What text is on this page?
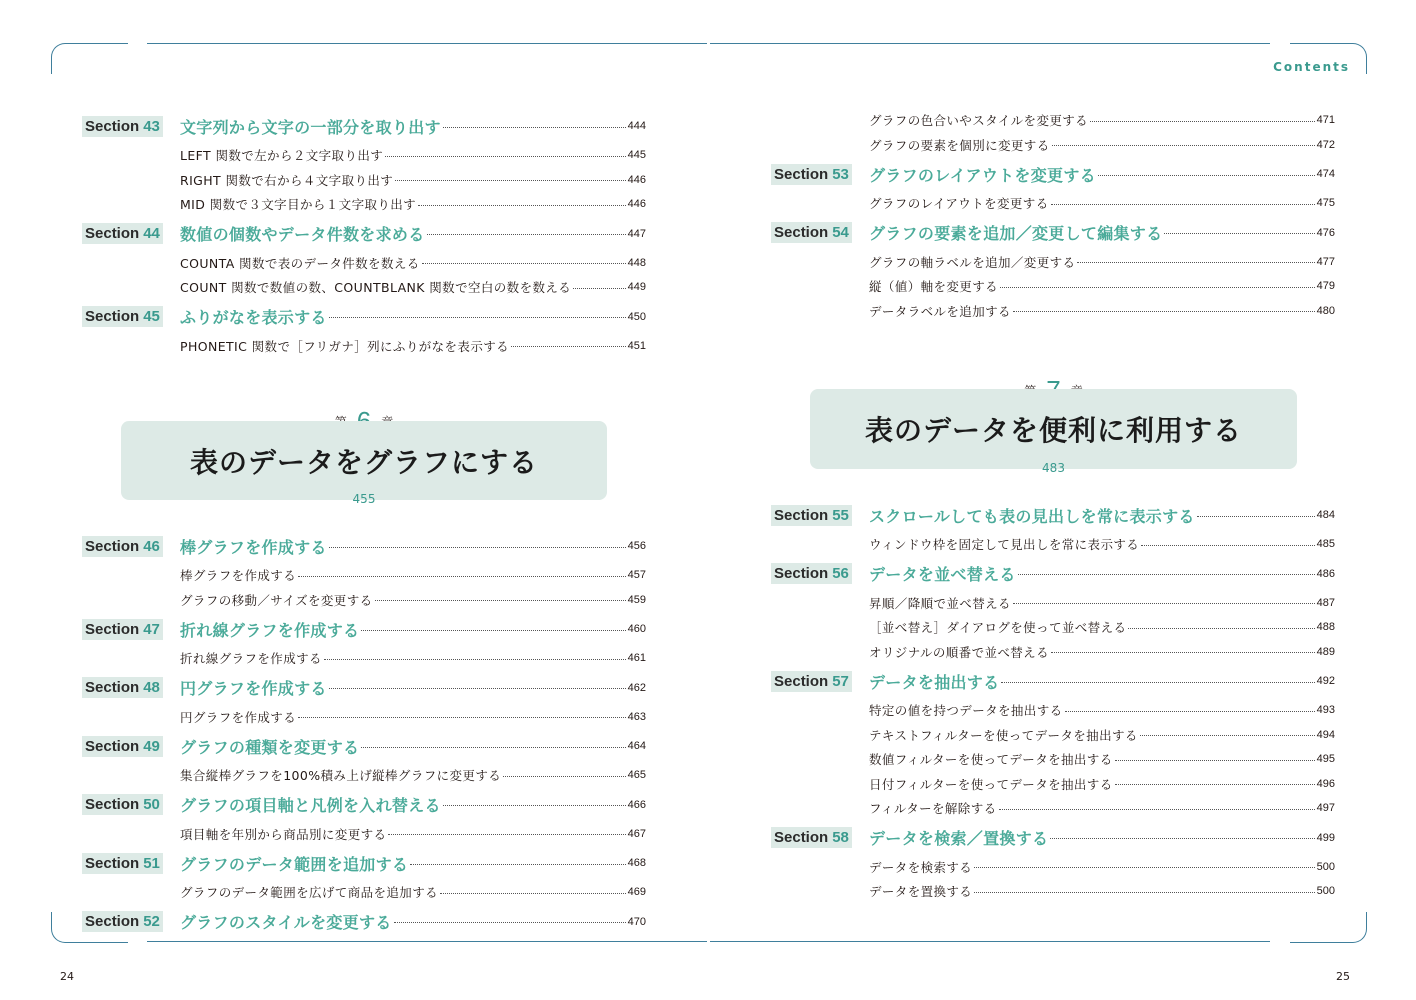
Contents
Section 43 文字列から文字の一部分を取り出す	444
LEFT 関数で左から２文字取り出す	445
RIGHT 関数で右から４文字取り出す	446
MID 関数で３文字目から１文字取り出す	446
Section 44 数値の個数やデータ件数を求める	447
COUNTA 関数で表のデータ件数を数える	448
COUNT 関数で数値の数、COUNTBLANK 関数で空白の数を数える	449
Section 45 ふりがなを表示する	450
PHONETIC 関数で［フリガナ］列にふりがなを表示する	451
表のデータをグラフにする
455
Section 46 棒グラフを作成する	456
棒グラフを作成する	457
グラフの移動／サイズを変更する	459
Section 47 折れ線グラフを作成する	460
折れ線グラフを作成する	461
Section 48 円グラフを作成する	462
円グラフを作成する	463
Section 49 グラフの種類を変更する	464
集合縦棒グラフを100%積み上げ縦棒グラフに変更する	465
Section 50 グラフの項目軸と凡例を入れ替える	466
項目軸を年別から商品別に変更する	467
Section 51 グラフのデータ範囲を追加する	468
グラフのデータ範囲を広げて商品を追加する	469
Section 52 グラフのスタイルを変更する	470
グラフの色合いやスタイルを変更する	471
グラフの要素を個別に変更する	472
Section 53 グラフのレイアウトを変更する	474
グラフのレイアウトを変更する	475
Section 54 グラフの要素を追加／変更して編集する	476
グラフの軸ラベルを追加／変更する	477
縦（値）軸を変更する	479
データラベルを追加する	480
表のデータを便利に利用する
483
Section 55 スクロールしても表の見出しを常に表示する	484
ウィンドウ枠を固定して見出しを常に表示する	485
Section 56 データを並べ替える	486
昇順／降順で並べ替える	487
［並べ替え］ダイアログを使って並べ替える	488
オリジナルの順番で並べ替える	489
Section 57 データを抽出する	492
特定の値を持つデータを抽出する	493
テキストフィルターを使ってデータを抽出する	494
数値フィルターを使ってデータを抽出する	495
日付フィルターを使ってデータを抽出する	496
フィルターを解除する	497
Section 58 データを検索／置換する	499
データを検索する	500
データを置換する	500
24	25
